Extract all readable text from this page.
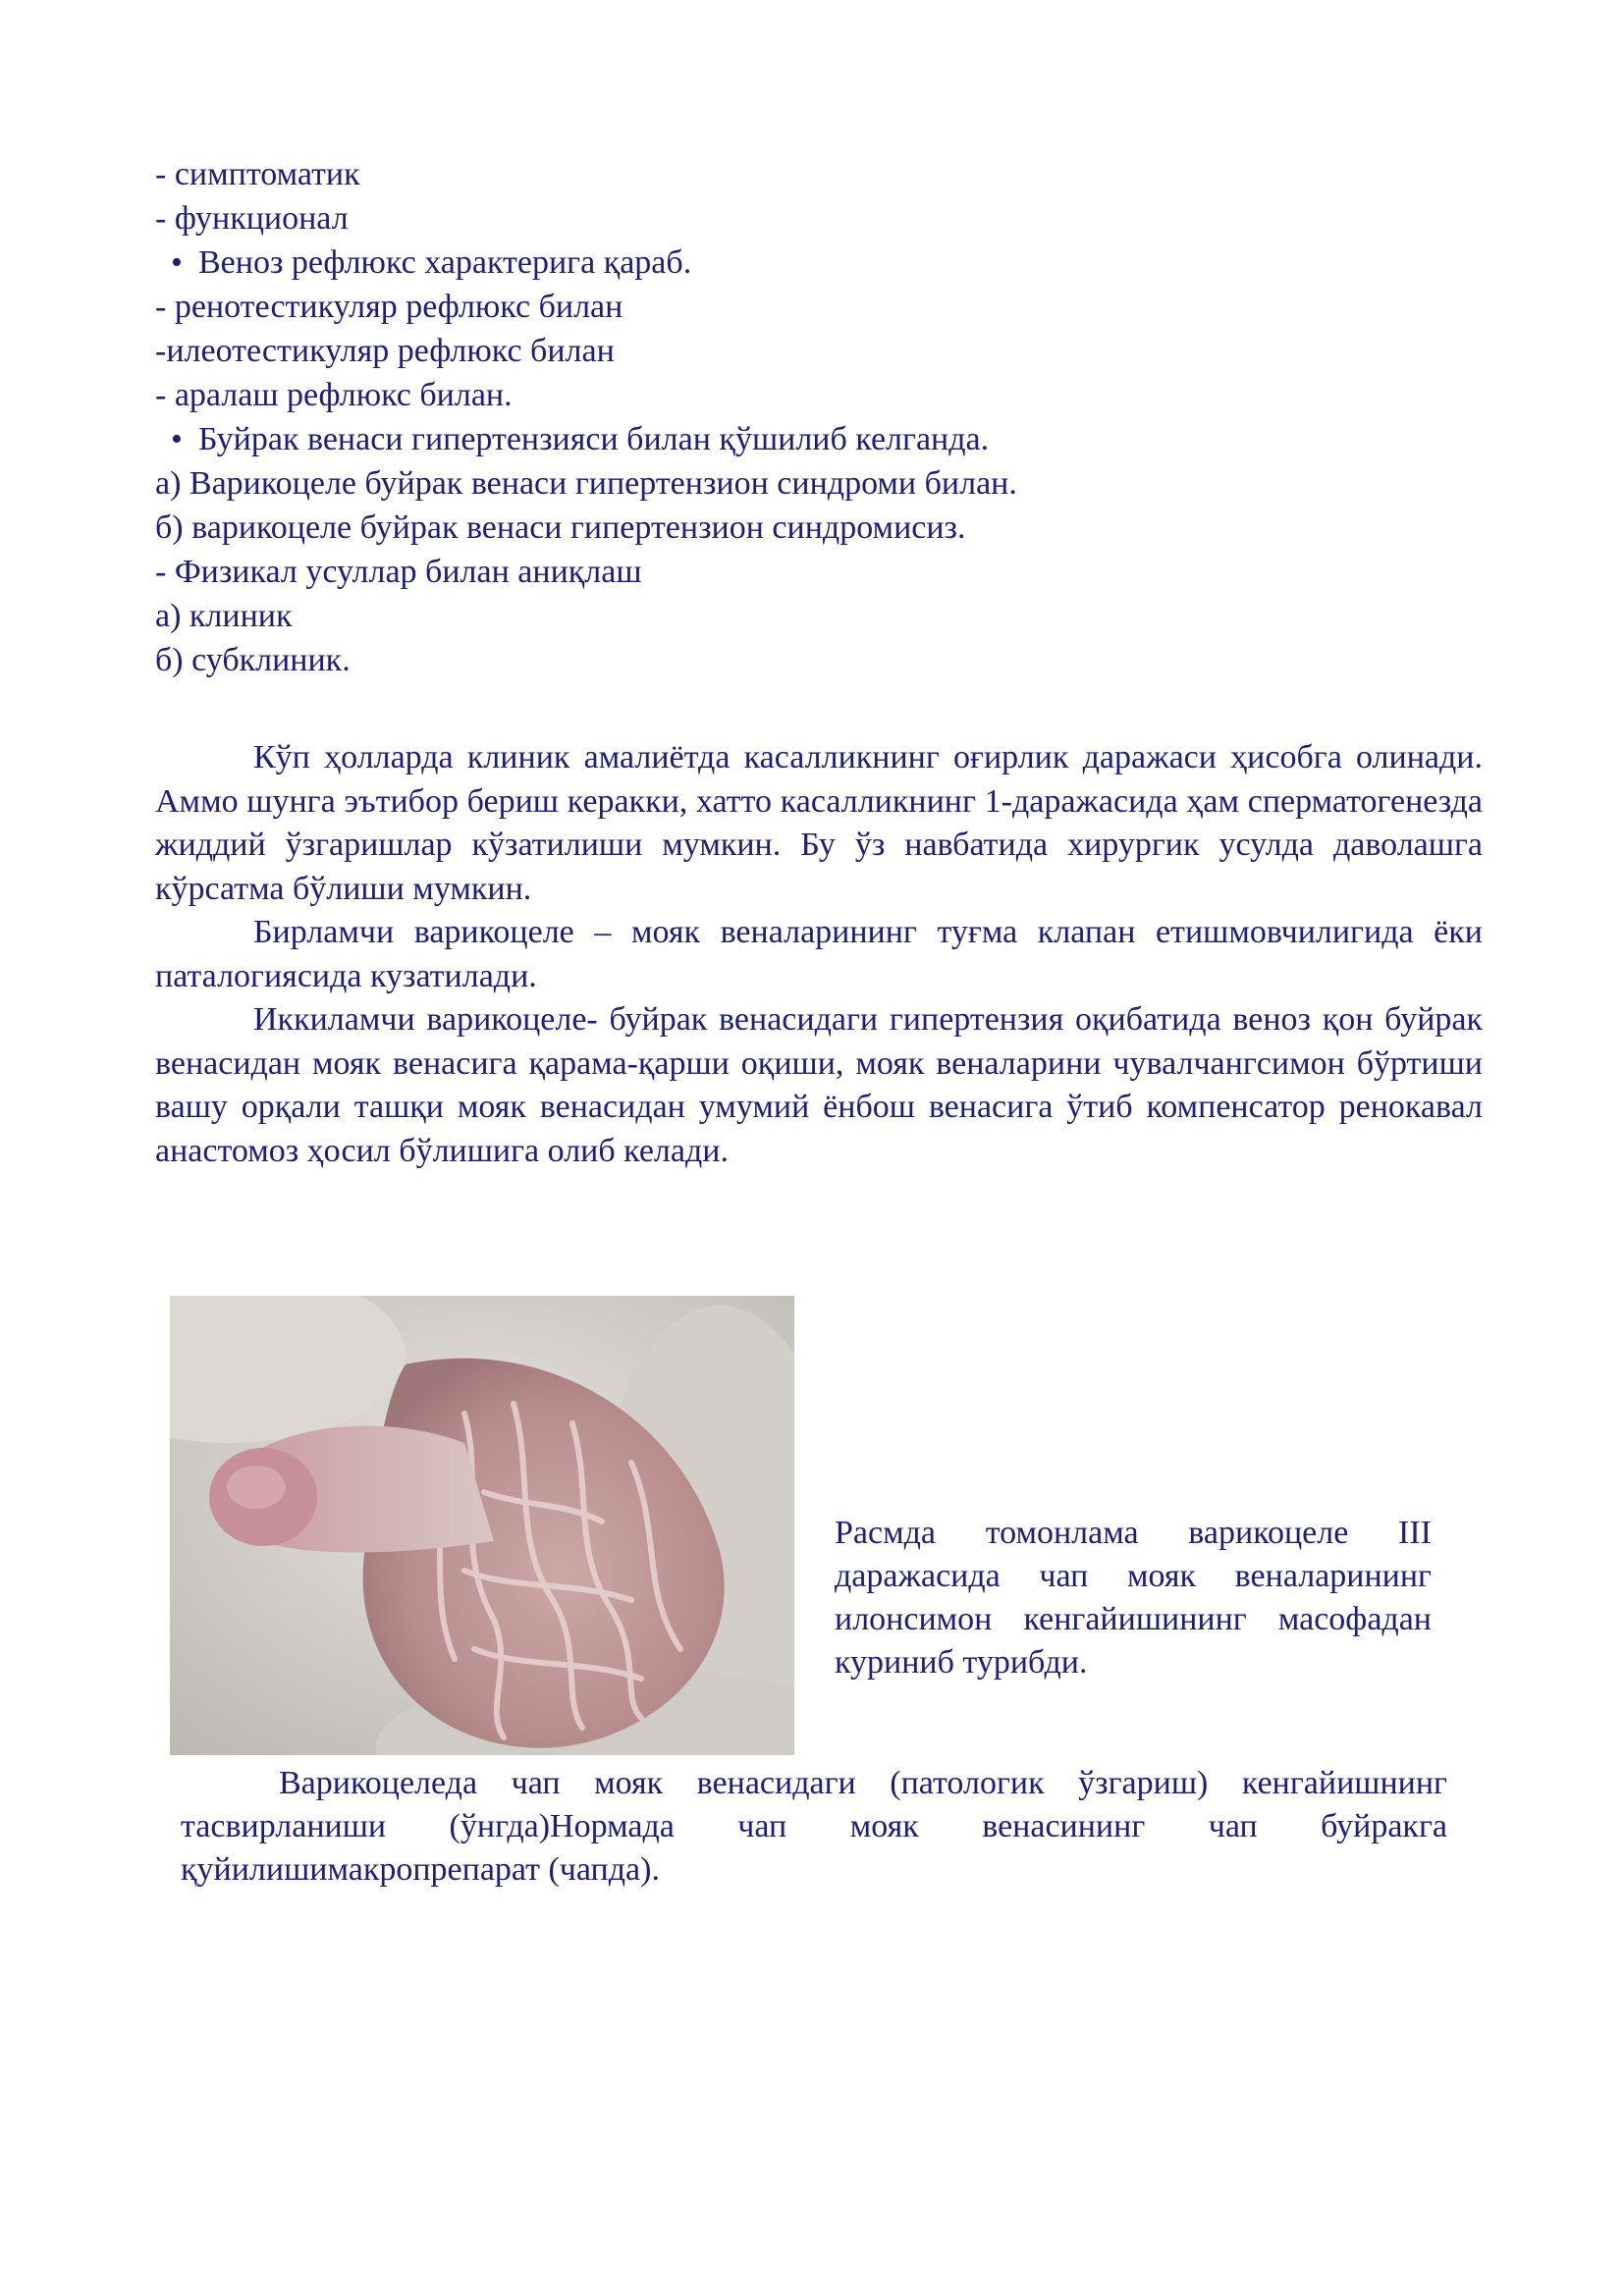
- симптоматик
- функционал
• Веноз рефлюкс характерига қараб.
- ренотестикуляр рефлюкс билан
-илеотестикуляр рефлюкс билан
- аралаш рефлюкс билан.
• Буйрак венаси гипертензияси билан қўшилиб келганда.
а) Варикоцеле буйрак венаси гипертензион синдроми билан.
б) варикоцеле буйрак венаси гипертензион синдромисиз.
- Физикал усуллар билан аниқлаш
а) клиник
б) субклиник.

Кўп ҳолларда клиник амалиётда касалликнинг оғирлик даражаси ҳисобга олинади. Аммо шунга эътибор бериш керакки, хатто касалликнинг 1-даражасида ҳам сперматогенезда жиддий ўзгаришлар кўзатилиши мумкин. Бу ўз навбатида хирургик усулда даволашга кўрсатма бўлиши мумкин.

Бирламчи варикоцеле – мояк веналарининг туғма клапан етишмовчилигида ёки паталогиясида кузатилади.

Иккиламчи варикоцеле- буйрак венасидаги гипертензия оқибатида веноз қон буйрак венасидан мояк венасига қарама-қарши оқиши, мояк веналарини чувалчангсимон бўртиши вашу орқали ташқи мояк венасидан умумий ёнбош венасига ўтиб компенсатор ренокавал анастомоз ҳосил бўлишига олиб келади.

Расмда томонлама варикоцеле III даражасида чап мояк веналарининг илонсимон кенгайишининг масофадан куриниб турибди.

Варикоцеледа чап мояк венасидаги (патологик ўзгариш) кенгайишнинг тасвирланиши (ўнгда)Нормада чап мояк венасининг чап буйракга қуйилишимакропрепарат (чапда).
